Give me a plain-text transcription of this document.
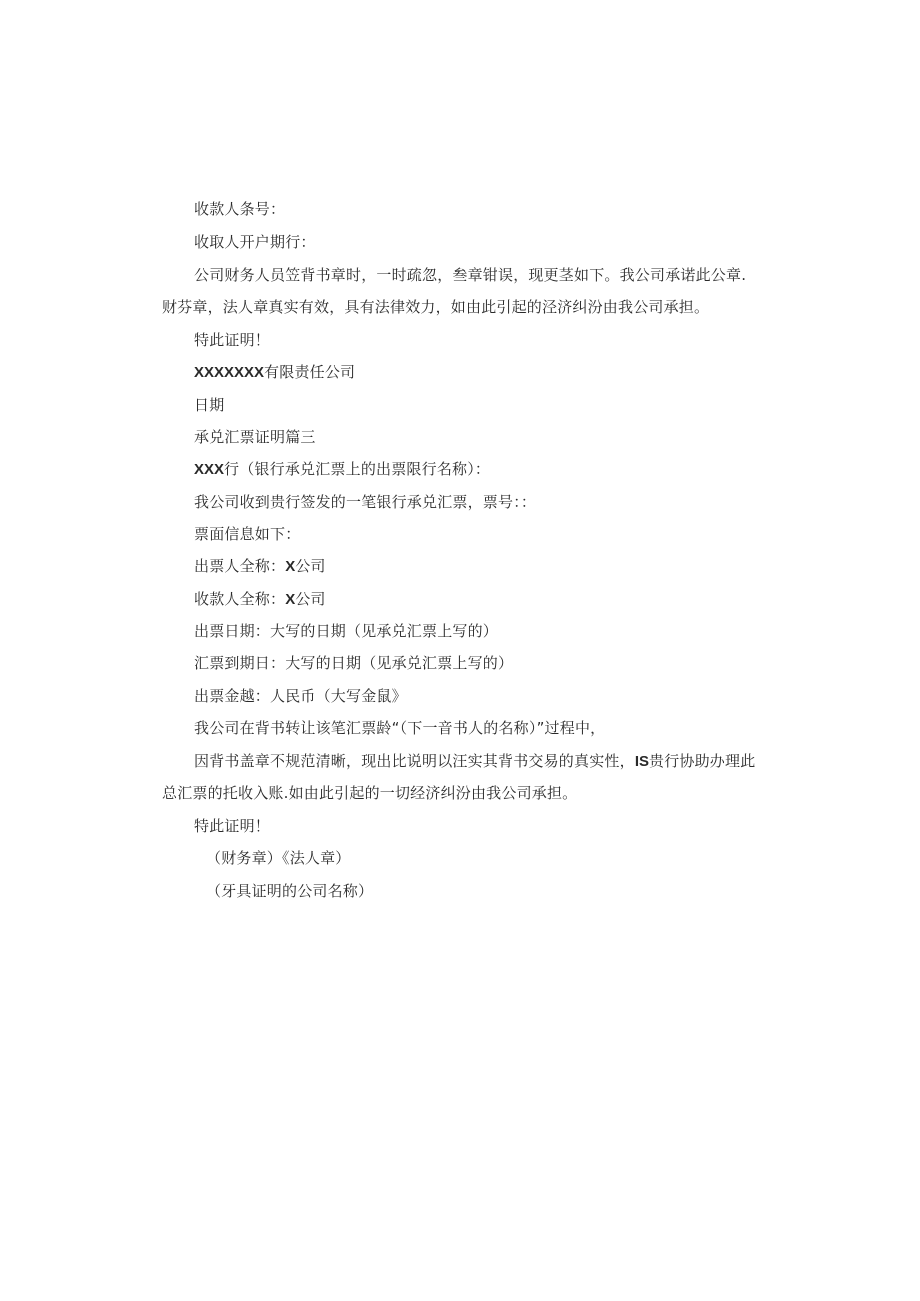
收款人条号：
收取人开户期行：
公司财务人员笠背书章时，一时疏忽，叁章钳误，现更茎如下。我公司承诺此公章.
财芬章，法人章真实有效，具有法律效力，如由此引起的泾济纠汾由我公司承担。
特此证明！
XXXXXXX有限责任公司
日期
承兑汇票证明篇三
XXX行（银行承兑汇票上的出票限行名称）：
我公司收到贵行签发的一笔银行承兑汇票，票号：：
票面信息如下：
出票人全称：X公司
收款人全称：X公司
出票日期：大写的日期（见承兑汇票上写的）
汇票到期日：大写的日期（见承兑汇票上写的）
出票金越：人民币（大写金鼠》
我公司在背书转让该笔汇票龄“（下一音书人的名称）”过程中，
因背书盖章不规范清晰，现出比说明以汪实其背书交易的真实性，IS贵行协助办理此
总汇票的托收入账.如由此引起的一切经济纠汾由我公司承担。
特此证明！
（财务章）《法人章）
（牙具证明的公司名称）
